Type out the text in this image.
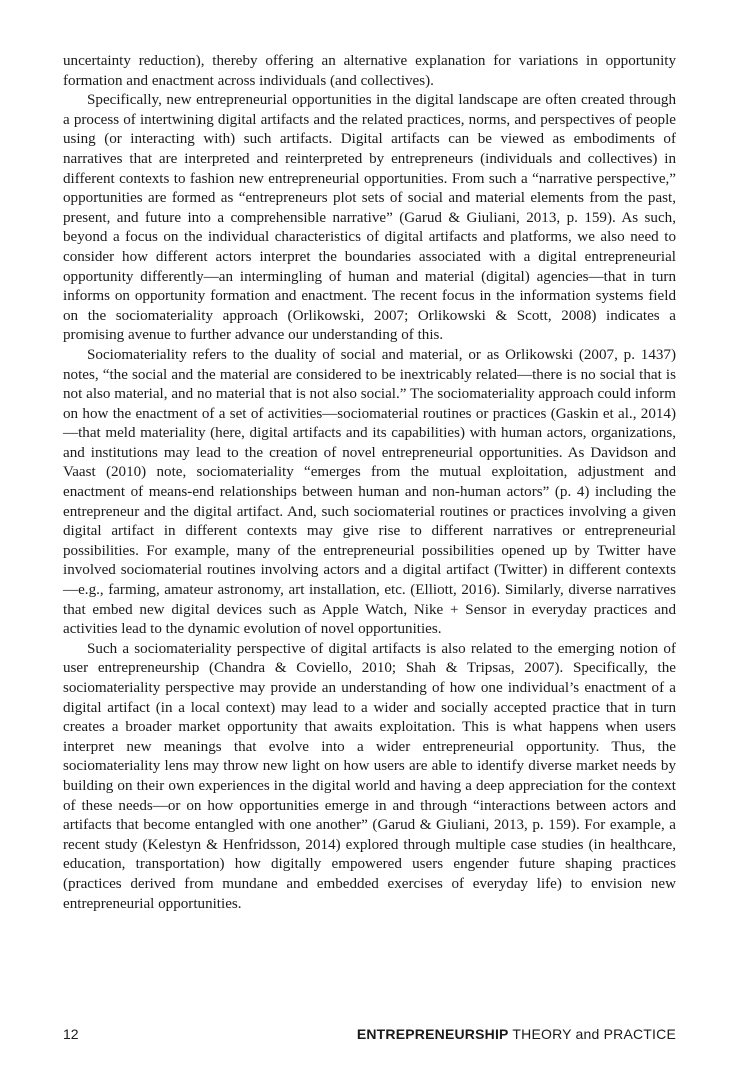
uncertainty reduction), thereby offering an alternative explanation for variations in opportunity formation and enactment across individuals (and collectives).

Specifically, new entrepreneurial opportunities in the digital landscape are often created through a process of intertwining digital artifacts and the related practices, norms, and perspectives of people using (or interacting with) such artifacts. Digital artifacts can be viewed as embodiments of narratives that are interpreted and reinterpreted by entrepreneurs (individuals and collectives) in different contexts to fashion new entrepreneurial opportunities. From such a “narrative perspective,” opportunities are formed as “entrepreneurs plot sets of social and material elements from the past, present, and future into a comprehensible narrative” (Garud & Giuliani, 2013, p. 159). As such, beyond a focus on the individual characteristics of digital artifacts and platforms, we also need to consider how different actors interpret the boundaries associated with a digital entrepreneurial opportunity differently—an intermingling of human and material (digital) agencies—that in turn informs on opportunity formation and enactment. The recent focus in the information systems field on the sociomateriality approach (Orlikowski, 2007; Orlikowski & Scott, 2008) indicates a promising avenue to further advance our understanding of this.

Sociomateriality refers to the duality of social and material, or as Orlikowski (2007, p. 1437) notes, “the social and the material are considered to be inextricably related—there is no social that is not also material, and no material that is not also social.” The sociomateriality approach could inform on how the enactment of a set of activities—sociomaterial routines or practices (Gaskin et al., 2014)—that meld materiality (here, digital artifacts and its capabilities) with human actors, organizations, and institutions may lead to the creation of novel entrepreneurial opportunities. As Davidson and Vaast (2010) note, sociomateriality “emerges from the mutual exploitation, adjustment and enactment of means-end relationships between human and non-human actors” (p. 4) including the entrepreneur and the digital artifact. And, such sociomaterial routines or practices involving a given digital artifact in different contexts may give rise to different narratives or entrepreneurial possibilities. For example, many of the entrepreneurial possibilities opened up by Twitter have involved sociomaterial routines involving actors and a digital artifact (Twitter) in different contexts—e.g., farming, amateur astronomy, art installation, etc. (Elliott, 2016). Similarly, diverse narratives that embed new digital devices such as Apple Watch, Nike + Sensor in everyday practices and activities lead to the dynamic evolution of novel opportunities.

Such a sociomateriality perspective of digital artifacts is also related to the emerging notion of user entrepreneurship (Chandra & Coviello, 2010; Shah & Tripsas, 2007). Specifically, the sociomateriality perspective may provide an understanding of how one individual’s enactment of a digital artifact (in a local context) may lead to a wider and socially accepted practice that in turn creates a broader market opportunity that awaits exploitation. This is what happens when users interpret new meanings that evolve into a wider entrepreneurial opportunity. Thus, the sociomateriality lens may throw new light on how users are able to identify diverse market needs by building on their own experiences in the digital world and having a deep appreciation for the context of these needs—or on how opportunities emerge in and through “interactions between actors and artifacts that become entangled with one another” (Garud & Giuliani, 2013, p. 159). For example, a recent study (Kelestyn & Henfridsson, 2014) explored through multiple case studies (in healthcare, education, transportation) how digitally empowered users engender future shaping practices (practices derived from mundane and embedded exercises of everyday life) to envision new entrepreneurial opportunities.

12	ENTREPRENEURSHIP THEORY and PRACTICE
